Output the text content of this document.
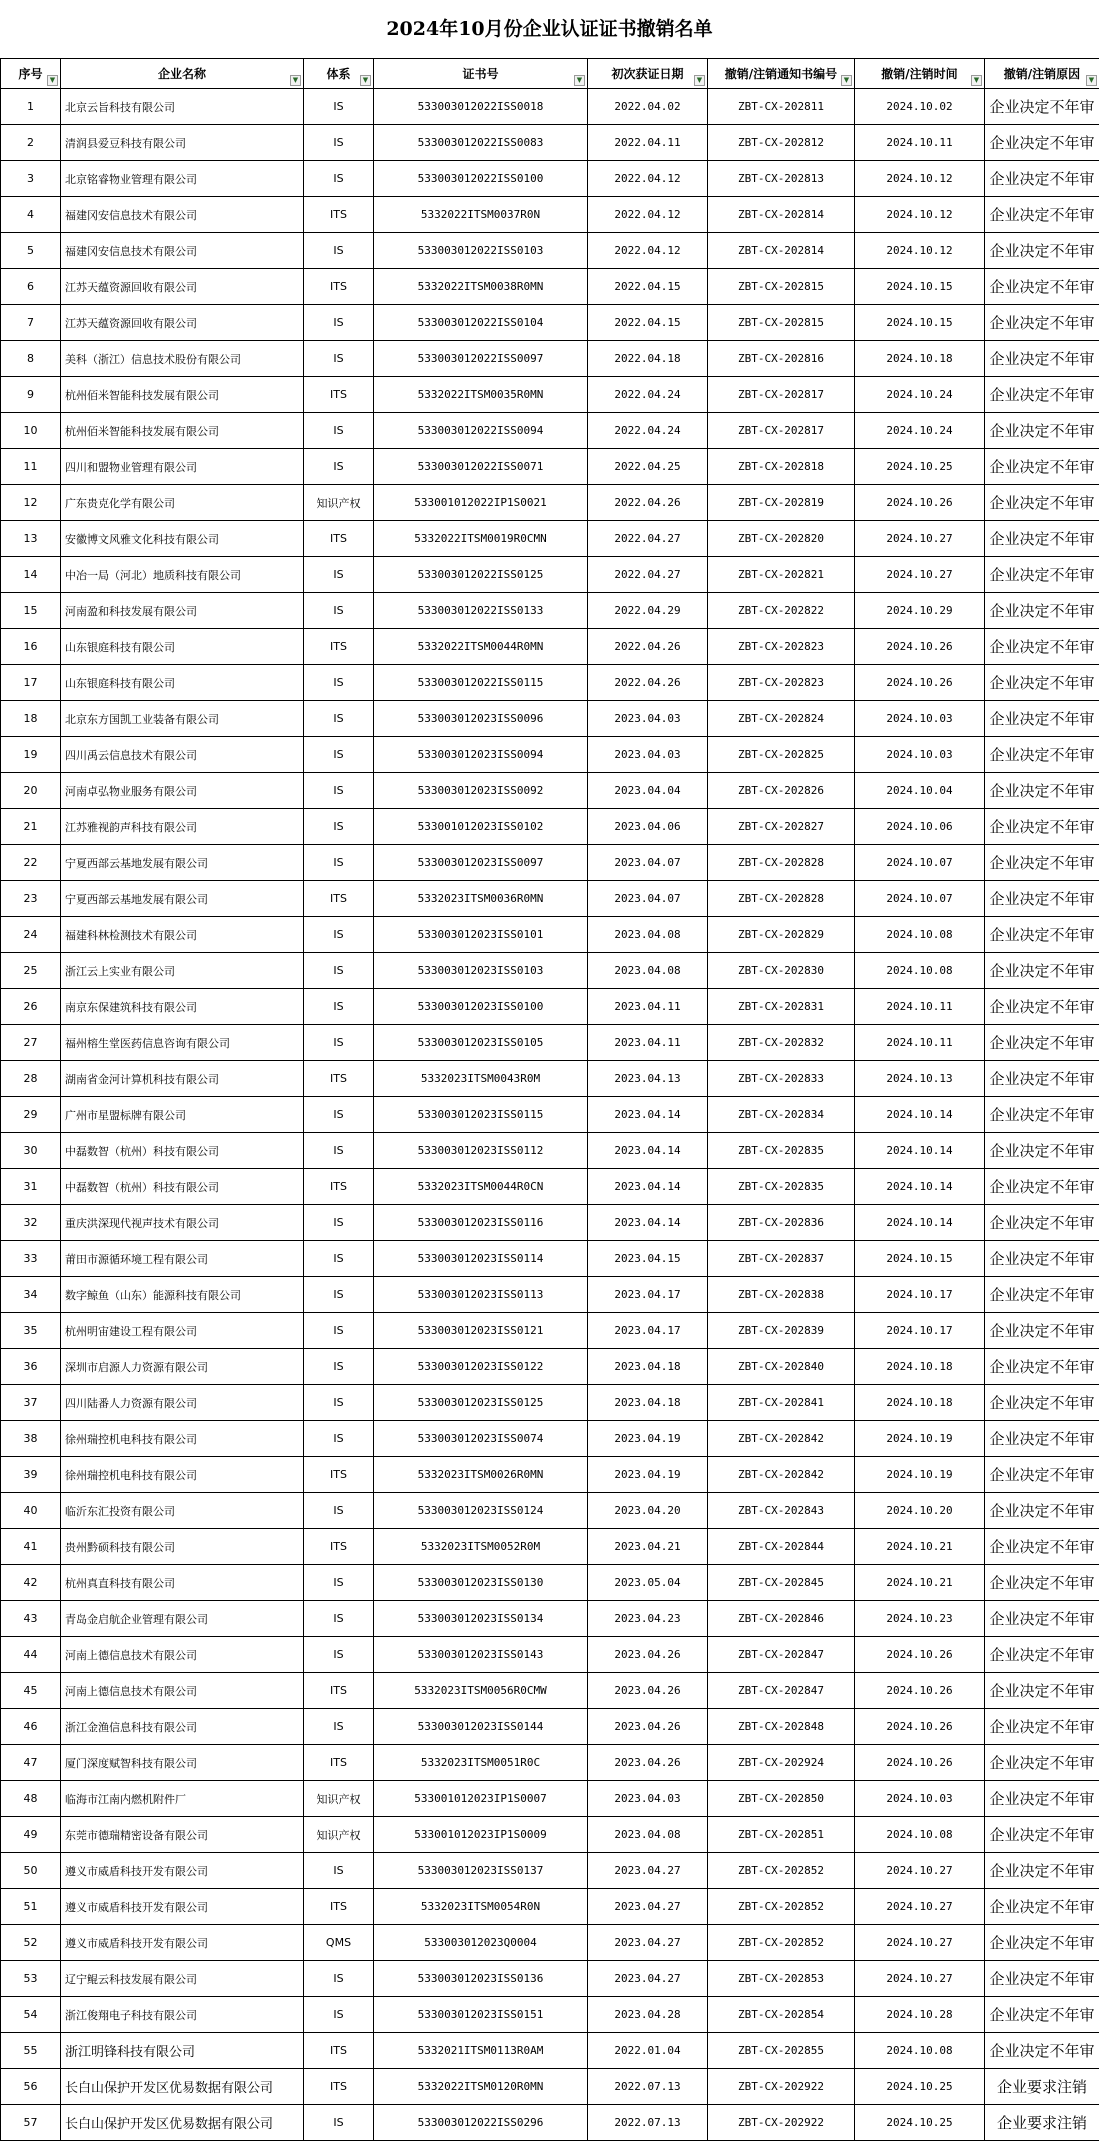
2024年10月份企业认证证书撤销名单
序号 ▼	企业名称 ▼	体系 ▼	证书号 ▼	初次获证日期 ▼	撤销/注销通知书编号 ▼	撤销/注销时间 ▼	撤销/注销原因 ▼

1	北京云旨科技有限公司	IS	533003012022ISS0018	2022.04.02	ZBT-CX-202811	2024.10.02	企业决定不年审
2	清润县爱豆科技有限公司	IS	533003012022ISS0083	2022.04.11	ZBT-CX-202812	2024.10.11	企业决定不年审
3	北京铭睿物业管理有限公司	IS	533003012022ISS0100	2022.04.12	ZBT-CX-202813	2024.10.12	企业决定不年审
4	福建冈安信息技术有限公司	ITS	5332022ITSM0037R0N	2022.04.12	ZBT-CX-202814	2024.10.12	企业决定不年审
5	福建冈安信息技术有限公司	IS	533003012022ISS0103	2022.04.12	ZBT-CX-202814	2024.10.12	企业决定不年审
6	江苏天蕴资源回收有限公司	ITS	5332022ITSM0038R0MN	2022.04.15	ZBT-CX-202815	2024.10.15	企业决定不年审
7	江苏天蕴资源回收有限公司	IS	533003012022ISS0104	2022.04.15	ZBT-CX-202815	2024.10.15	企业决定不年审
8	美科（浙江）信息技术股份有限公司	IS	533003012022ISS0097	2022.04.18	ZBT-CX-202816	2024.10.18	企业决定不年审
9	杭州佰米智能科技发展有限公司	ITS	5332022ITSM0035R0MN	2022.04.24	ZBT-CX-202817	2024.10.24	企业决定不年审
10	杭州佰米智能科技发展有限公司	IS	533003012022ISS0094	2022.04.24	ZBT-CX-202817	2024.10.24	企业决定不年审
11	四川和盟物业管理有限公司	IS	533003012022ISS0071	2022.04.25	ZBT-CX-202818	2024.10.25	企业决定不年审
12	广东贵克化学有限公司	知识产权	533001012022IP1S0021	2022.04.26	ZBT-CX-202819	2024.10.26	企业决定不年审
13	安徽博文风雅文化科技有限公司	ITS	5332022ITSM0019R0CMN	2022.04.27	ZBT-CX-202820	2024.10.27	企业决定不年审
14	中冶一局（河北）地质科技有限公司	IS	533003012022ISS0125	2022.04.27	ZBT-CX-202821	2024.10.27	企业决定不年审
15	河南盈和科技发展有限公司	IS	533003012022ISS0133	2022.04.29	ZBT-CX-202822	2024.10.29	企业决定不年审
16	山东银庭科技有限公司	ITS	5332022ITSM0044R0MN	2022.04.26	ZBT-CX-202823	2024.10.26	企业决定不年审
17	山东银庭科技有限公司	IS	533003012022ISS0115	2022.04.26	ZBT-CX-202823	2024.10.26	企业决定不年审
18	北京东方国凯工业装备有限公司	IS	533003012023ISS0096	2023.04.03	ZBT-CX-202824	2024.10.03	企业决定不年审
19	四川禹云信息技术有限公司	IS	533003012023ISS0094	2023.04.03	ZBT-CX-202825	2024.10.03	企业决定不年审
20	河南卓弘物业服务有限公司	IS	533003012023ISS0092	2023.04.04	ZBT-CX-202826	2024.10.04	企业决定不年审
21	江苏雅视韵声科技有限公司	IS	533001012023ISS0102	2023.04.06	ZBT-CX-202827	2024.10.06	企业决定不年审
22	宁夏西部云基地发展有限公司	IS	533003012023ISS0097	2023.04.07	ZBT-CX-202828	2024.10.07	企业决定不年审
23	宁夏西部云基地发展有限公司	ITS	5332023ITSM0036R0MN	2023.04.07	ZBT-CX-202828	2024.10.07	企业决定不年审
24	福建科林检测技术有限公司	IS	533003012023ISS0101	2023.04.08	ZBT-CX-202829	2024.10.08	企业决定不年审
25	浙江云上实业有限公司	IS	533003012023ISS0103	2023.04.08	ZBT-CX-202830	2024.10.08	企业决定不年审
26	南京东保建筑科技有限公司	IS	533003012023ISS0100	2023.04.11	ZBT-CX-202831	2024.10.11	企业决定不年审
27	福州榕生堂医药信息咨询有限公司	IS	533003012023ISS0105	2023.04.11	ZBT-CX-202832	2024.10.11	企业决定不年审
28	湖南省金河计算机科技有限公司	ITS	5332023ITSM0043R0M	2023.04.13	ZBT-CX-202833	2024.10.13	企业决定不年审
29	广州市星盟标牌有限公司	IS	533003012023ISS0115	2023.04.14	ZBT-CX-202834	2024.10.14	企业决定不年审
30	中磊数智（杭州）科技有限公司	IS	533003012023ISS0112	2023.04.14	ZBT-CX-202835	2024.10.14	企业决定不年审
31	中磊数智（杭州）科技有限公司	ITS	5332023ITSM0044R0CN	2023.04.14	ZBT-CX-202835	2024.10.14	企业决定不年审
32	重庆洪深现代视声技术有限公司	IS	533003012023ISS0116	2023.04.14	ZBT-CX-202836	2024.10.14	企业决定不年审
33	莆田市源循环境工程有限公司	IS	533003012023ISS0114	2023.04.15	ZBT-CX-202837	2024.10.15	企业决定不年审
34	数字鲸鱼（山东）能源科技有限公司	IS	533003012023ISS0113	2023.04.17	ZBT-CX-202838	2024.10.17	企业决定不年审
35	杭州明宙建设工程有限公司	IS	533003012023ISS0121	2023.04.17	ZBT-CX-202839	2024.10.17	企业决定不年审
36	深圳市启源人力资源有限公司	IS	533003012023ISS0122	2023.04.18	ZBT-CX-202840	2024.10.18	企业决定不年审
37	四川陆番人力资源有限公司	IS	533003012023ISS0125	2023.04.18	ZBT-CX-202841	2024.10.18	企业决定不年审
38	徐州瑞控机电科技有限公司	IS	533003012023ISS0074	2023.04.19	ZBT-CX-202842	2024.10.19	企业决定不年审
39	徐州瑞控机电科技有限公司	ITS	5332023ITSM0026R0MN	2023.04.19	ZBT-CX-202842	2024.10.19	企业决定不年审
40	临沂东汇投资有限公司	IS	533003012023ISS0124	2023.04.20	ZBT-CX-202843	2024.10.20	企业决定不年审
41	贵州黔硕科技有限公司	ITS	5332023ITSM0052R0M	2023.04.21	ZBT-CX-202844	2024.10.21	企业决定不年审
42	杭州真直科技有限公司	IS	533003012023ISS0130	2023.05.04	ZBT-CX-202845	2024.10.21	企业决定不年审
43	青岛金启航企业管理有限公司	IS	533003012023ISS0134	2023.04.23	ZBT-CX-202846	2024.10.23	企业决定不年审
44	河南上德信息技术有限公司	IS	533003012023ISS0143	2023.04.26	ZBT-CX-202847	2024.10.26	企业决定不年审
45	河南上德信息技术有限公司	ITS	5332023ITSM0056R0CMW	2023.04.26	ZBT-CX-202847	2024.10.26	企业决定不年审
46	浙江金渔信息科技有限公司	IS	533003012023ISS0144	2023.04.26	ZBT-CX-202848	2024.10.26	企业决定不年审
47	厦门深度赋智科技有限公司	ITS	5332023ITSM0051R0C	2023.04.26	ZBT-CX-202924	2024.10.26	企业决定不年审
48	临海市江南内燃机附件厂	知识产权	533001012023IP1S0007	2023.04.03	ZBT-CX-202850	2024.10.03	企业决定不年审
49	东莞市德瑞精密设备有限公司	知识产权	533001012023IP1S0009	2023.04.08	ZBT-CX-202851	2024.10.08	企业决定不年审
50	遵义市威盾科技开发有限公司	IS	533003012023ISS0137	2023.04.27	ZBT-CX-202852	2024.10.27	企业决定不年审
51	遵义市威盾科技开发有限公司	ITS	5332023ITSM0054R0N	2023.04.27	ZBT-CX-202852	2024.10.27	企业决定不年审
52	遵义市威盾科技开发有限公司	QMS	533003012023Q0004	2023.04.27	ZBT-CX-202852	2024.10.27	企业决定不年审
53	辽宁鲲云科技发展有限公司	IS	533003012023ISS0136	2023.04.27	ZBT-CX-202853	2024.10.27	企业决定不年审
54	浙江俊翔电子科技有限公司	IS	533003012023ISS0151	2023.04.28	ZBT-CX-202854	2024.10.28	企业决定不年审
55	浙江明锋科技有限公司	ITS	5332021ITSM0113R0AM	2022.01.04	ZBT-CX-202855	2024.10.08	企业决定不年审
56	长白山保护开发区优易数据有限公司	ITS	5332022ITSM0120R0MN	2022.07.13	ZBT-CX-202922	2024.10.25	企业要求注销
57	长白山保护开发区优易数据有限公司	IS	533003012022ISS0296	2022.07.13	ZBT-CX-202922	2024.10.25	企业要求注销
